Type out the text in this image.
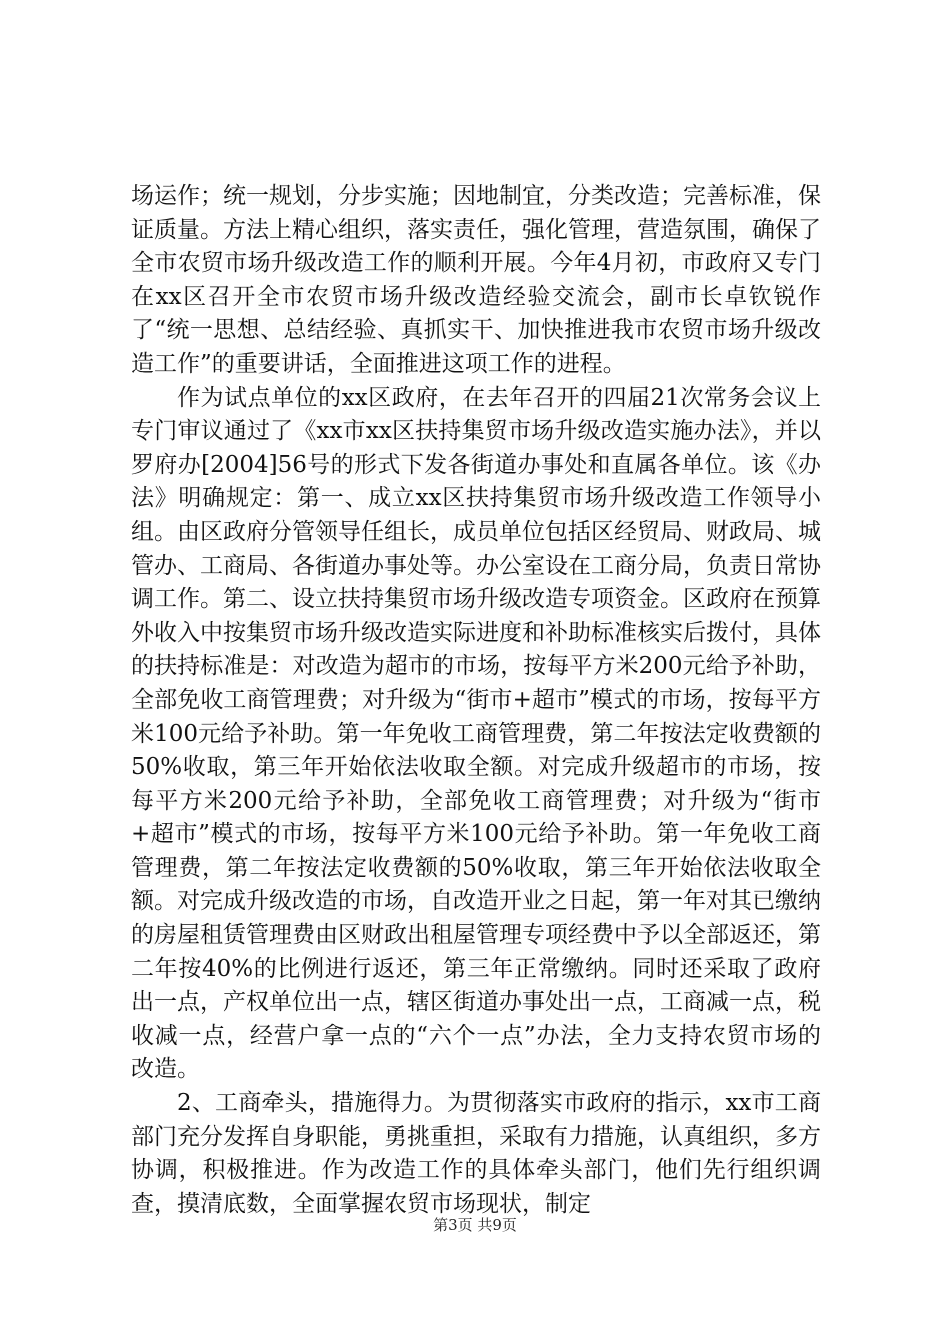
场运作；统一规划，分步实施；因地制宜，分类改造；完善标准，保证质量。方法上精心组织，落实责任，强化管理，营造氛围，确保了全市农贸市场升级改造工作的顺利开展。今年4月初，市政府又专门在xx区召开全市农贸市场升级改造经验交流会，副市长卓钦锐作了“统一思想、总结经验、真抓实干、加快推进我市农贸市场升级改造工作”的重要讲话，全面推进这项工作的进程。

作为试点单位的xx区政府，在去年召开的四届21次常务会议上专门审议通过了《xx市xx区扶持集贸市场升级改造实施办法》，并以罗府办[2004]56号的形式下发各街道办事处和直属各单位。该《办法》明确规定：第一、成立xx区扶持集贸市场升级改造工作领导小组。由区政府分管领导任组长，成员单位包括区经贸局、财政局、城管办、工商局、各街道办事处等。办公室设在工商分局，负责日常协调工作。第二、设立扶持集贸市场升级改造专项资金。区政府在预算外收入中按集贸市场升级改造实际进度和补助标准核实后拨付，具体的扶持标准是：对改造为超市的市场，按每平方米200元给予补助，全部免收工商管理费；对升级为“街市+超市”模式的市场，按每平方米100元给予补助。第一年免收工商管理费，第二年按法定收费额的50%收取，第三年开始依法收取全额。对完成升级超市的市场，按每平方米200元给予补助，全部免收工商管理费；对升级为“街市+超市”模式的市场，按每平方米100元给予补助。第一年免收工商管理费，第二年按法定收费额的50%收取，第三年开始依法收取全额。对完成升级改造的市场，自改造开业之日起，第一年对其已缴纳的房屋租赁管理费由区财政出租屋管理专项经费中予以全部返还，第二年按40%的比例进行返还，第三年正常缴纳。同时还采取了政府出一点，产权单位出一点，辖区街道办事处出一点，工商减一点，税收减一点，经营户拿一点的“六个一点”办法，全力支持农贸市场的改造。

2、工商牵头，措施得力。为贯彻落实市政府的指示，xx市工商部门充分发挥自身职能，勇挑重担，采取有力措施，认真组织，多方协调，积极推进。作为改造工作的具体牵头部门，他们先行组织调查，摸清底数，全面掌握农贸市场现状，制定

第3页 共9页
